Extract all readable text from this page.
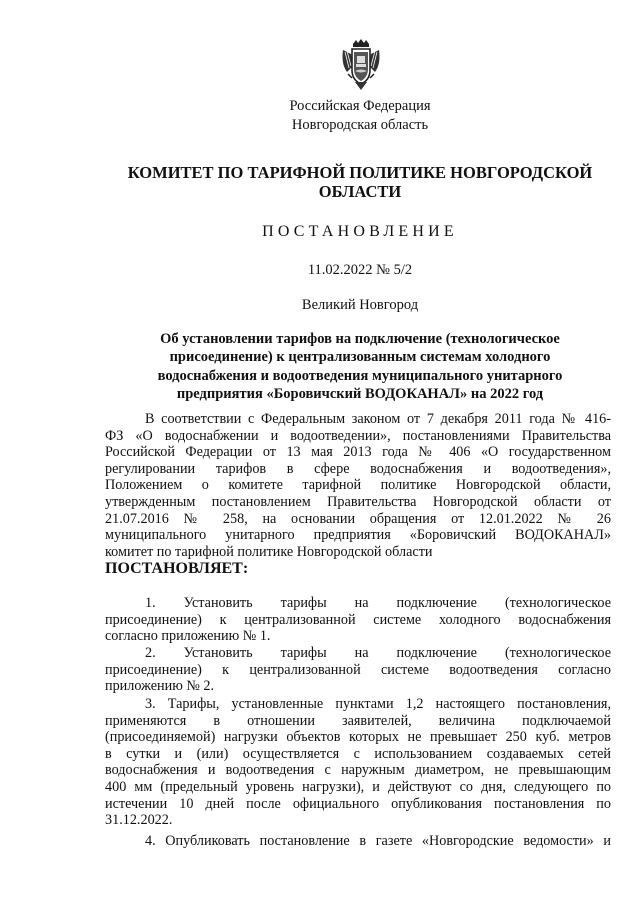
Российская Федерация
Новгородская область
КОМИТЕТ ПО ТАРИФНОЙ ПОЛИТИКЕ НОВГОРОДСКОЙ
ОБЛАСТИ
ПОСТАНОВЛЕНИЕ
11.02.2022 № 5/2
Великий Новгород
Об установлении тарифов на подключение (технологическое
присоединение) к централизованным системам холодного
водоснабжения и водоотведения муниципального унитарного
предприятия «Боровичский ВОДОКАНАЛ» на 2022 год
В соответствии с Федеральным законом от 7 декабря 2011 года № 416-
ФЗ «О водоснабжении и водоотведении», постановлениями Правительства
Российской Федерации от 13 мая 2013 года № 406 «О государственном
регулировании тарифов в сфере водоснабжения и водоотведения»,
Положением о комитете тарифной политике Новгородской области,
утвержденным постановлением Правительства Новгородской области от
21.07.2016 № 258, на основании обращения от 12.01.2022 № 26
муниципального унитарного предприятия «Боровичский ВОДОКАНАЛ»
комитет по тарифной политике Новгородской области
ПОСТАНОВЛЯЕТ:
1. Установить тарифы на подключение (технологическое
присоединение) к централизованной системе холодного водоснабжения
согласно приложению № 1.
2. Установить тарифы на подключение (технологическое
присоединение) к централизованной системе водоотведения согласно
приложению № 2.
3. Тарифы, установленные пунктами 1,2 настоящего постановления,
применяются в отношении заявителей, величина подключаемой
(присоединяемой) нагрузки объектов которых не превышает 250 куб. метров
в сутки и (или) осуществляется с использованием создаваемых сетей
водоснабжения и водоотведения с наружным диаметром, не превышающим
400 мм (предельный уровень нагрузки), и действуют со дня, следующего по
истечении 10 дней после официального опубликования постановления по
31.12.2022.
4. Опубликовать постановление в газете «Новгородские ведомости» и
